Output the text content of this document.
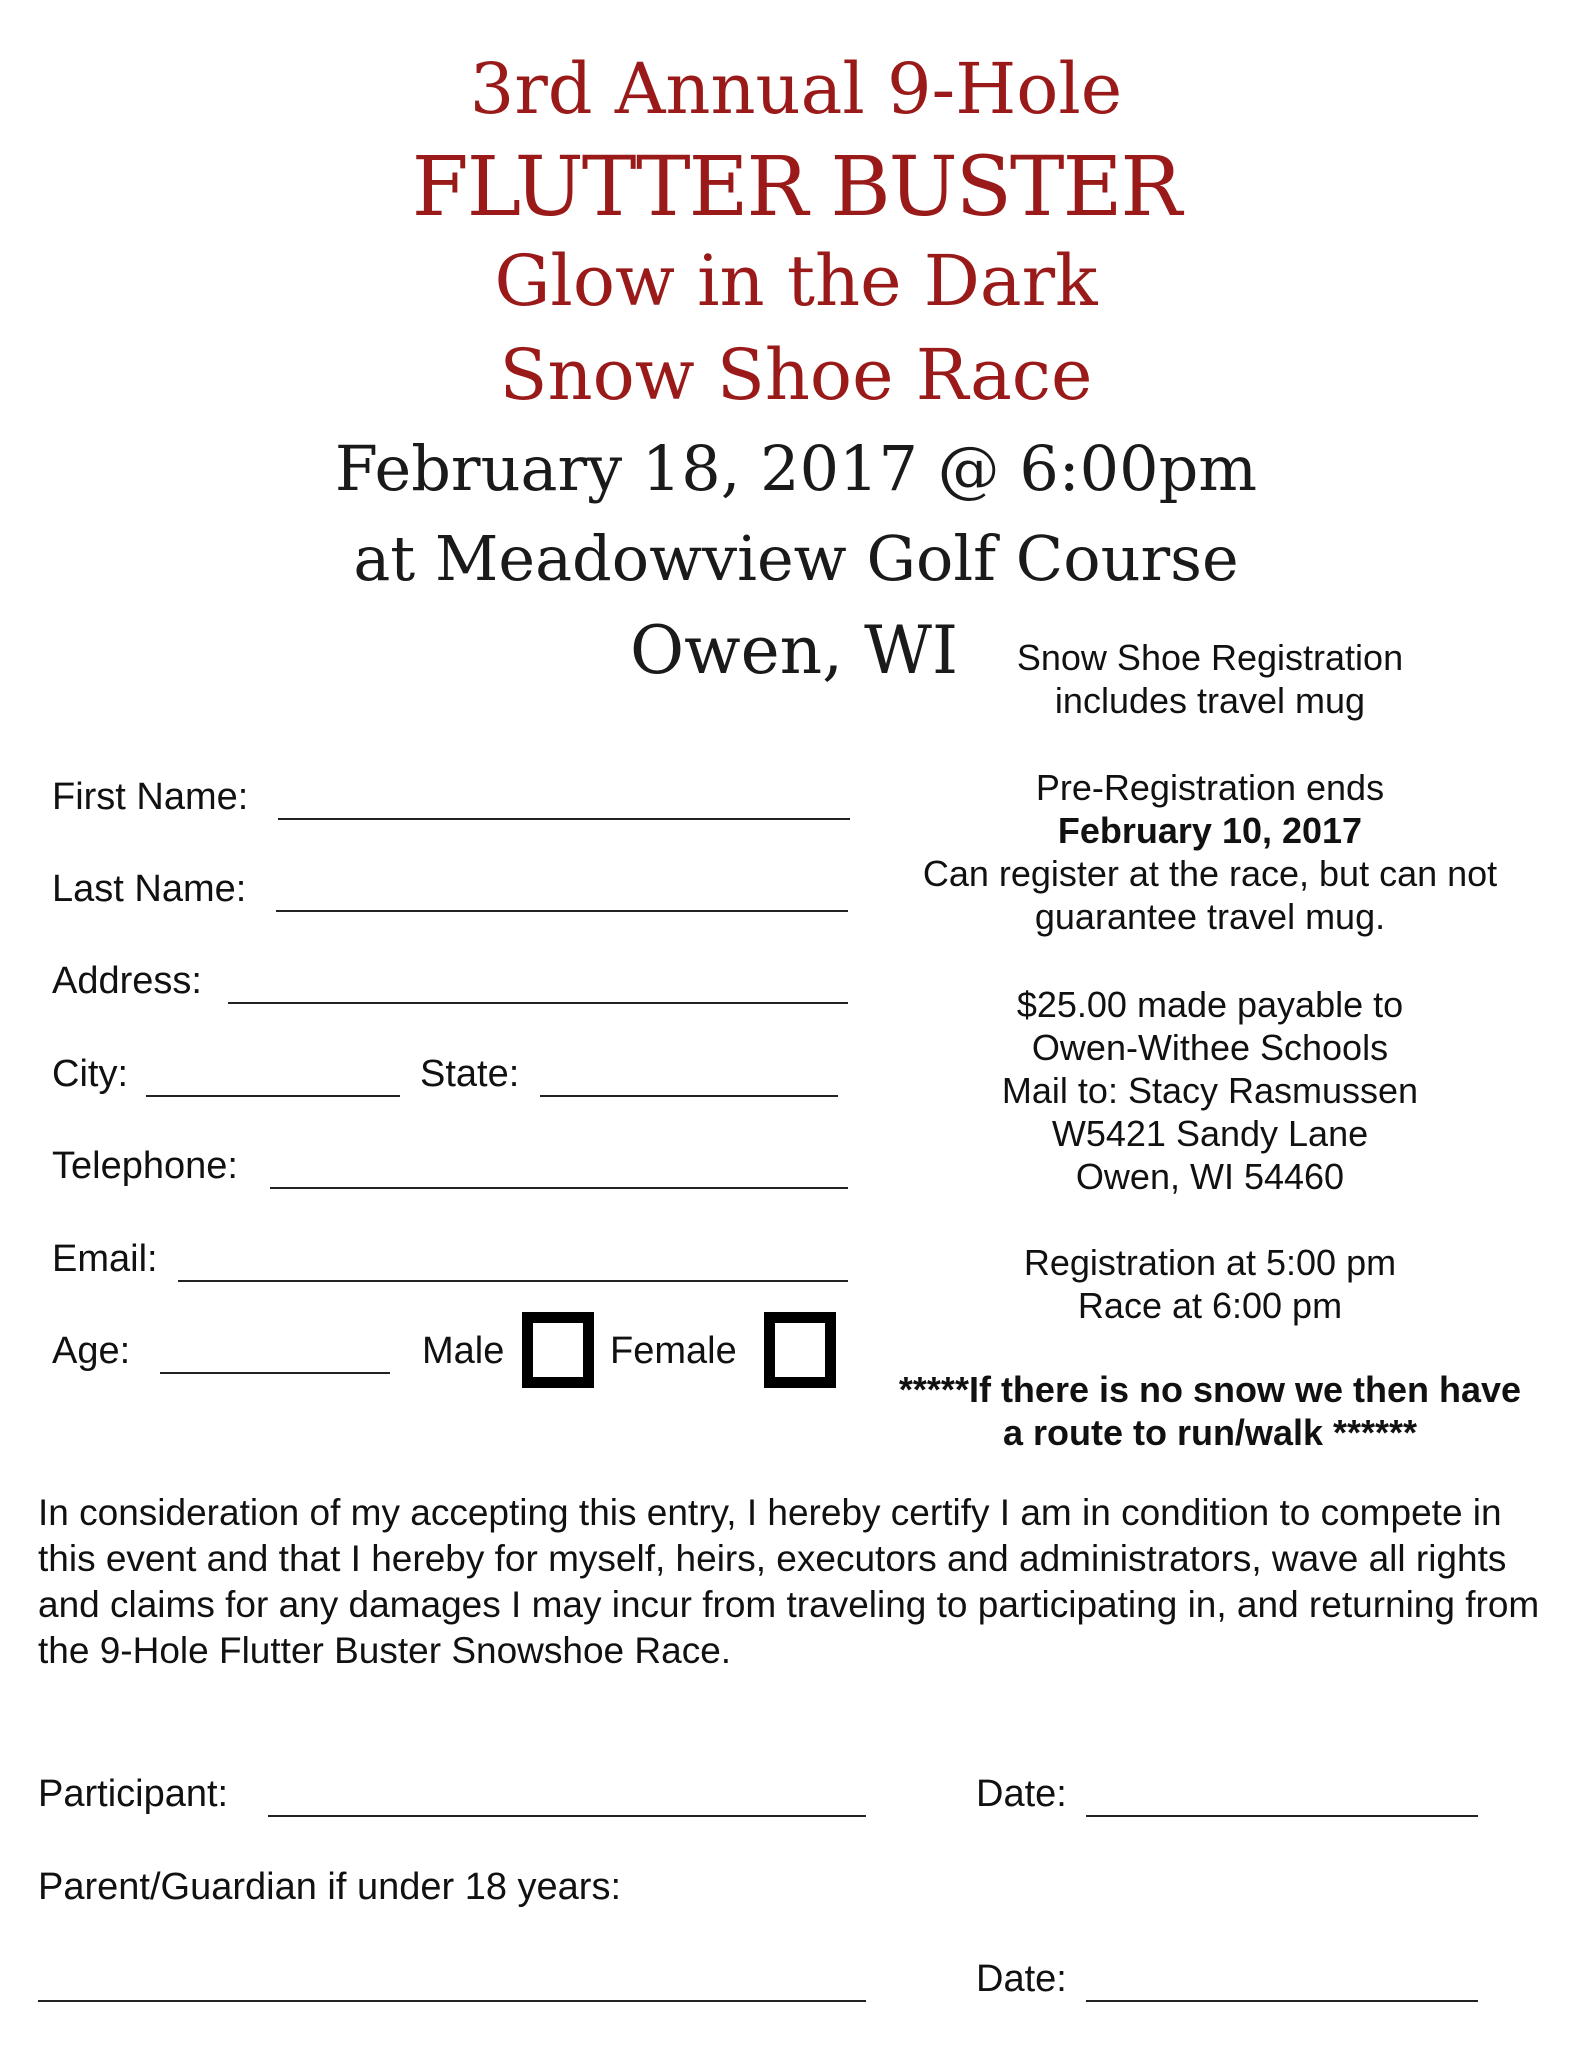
3rd Annual 9-Hole
FLUTTER BUSTER
Glow in the Dark
Snow Shoe Race
February 18, 2017 @ 6:00pm
at Meadowview Golf Course
Owen, WI	Snow Shoe Registration
includes travel mug
Pre-Registration ends
February 10, 2017
Can register at the race, but can not
guarantee travel mug.
$25.00 made payable to
Owen-Withee Schools
Mail to: Stacy Rasmussen
W5421 Sandy Lane
Owen, WI 54460
Registration at 5:00 pm
Race at 6:00 pm
*****If there is no snow we then have
a route to run/walk ******
First Name:
Last Name:
Address:
City:	State:
Telephone:
Email:
Age:	Male	Female
In consideration of my accepting this entry, I hereby certify I am in condition to compete in this event and that I hereby for myself, heirs, executors and administrators, wave all rights and claims for any damages I may incur from traveling to participating in, and returning from the 9-Hole Flutter Buster Snowshoe Race.
Participant:	Date:
Parent/Guardian if under 18 years:
Date:
